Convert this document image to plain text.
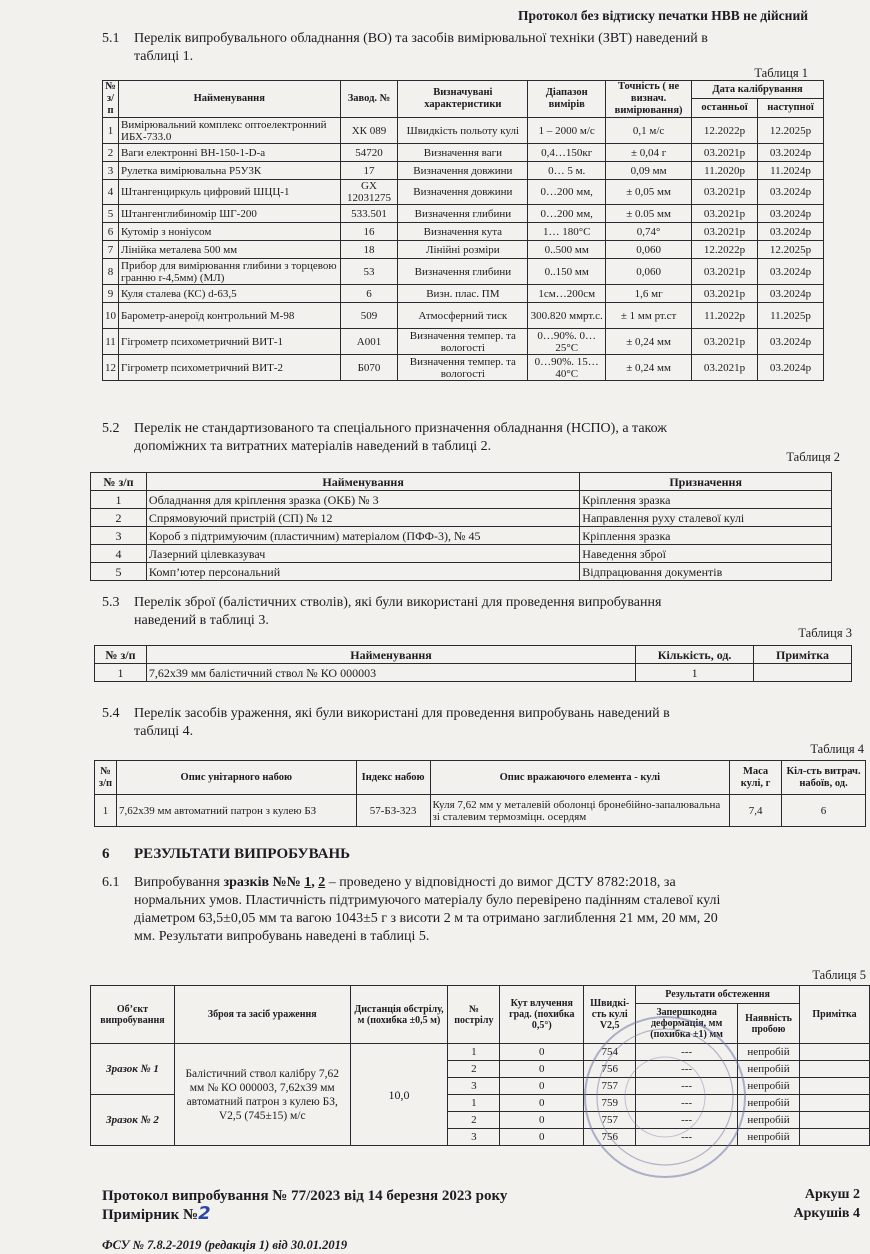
Протокол без відтиску печатки НВВ не дійсний
5.1 Перелік випробувального обладнання (ВО) та засобів вимірювальної техніки (ЗВТ) наведений в
таблиці 1.
Таблиця 1
№ з/п	Найменування	Завод. №	Визначувані характеристики	Діапазон вимірів	Точність ( не визнач. вимірювання)	Дата калібрування	
						останньої	наступної
1	Вимірювальний комплекс оптоелектронний ИБХ-733.0	ХК 089	Швидкість польоту кулі	1 – 2000 м/с	0,1 м/с	12.2022р	12.2025р
2	Ваги електронні ВН-150-1-D-а	54720	Визначення ваги	0,4…150кг	± 0,04 г	03.2021р	03.2024р
3	Рулетка вимірювальна Р5У3К	17	Визначення довжини	0… 5 м.	0,09 мм	11.2020р	11.2024р
4	Штангенциркуль цифровий ШЦЦ-1	GX 12031275	Визначення довжини	0…200 мм,	± 0,05 мм	03.2021р	03.2024р
5	Штангенглибиномір ШГ-200	533.501	Визначення глибини	0…200 мм,	± 0.05 мм	03.2021р	03.2024р
6	Кутомір з ноніусом	16	Визначення кута	1… 180°С	0,74°	03.2021р	03.2024р
7	Лінійка металева 500 мм	18	Лінійні розміри	0..500 мм	0,060	12.2022р	12.2025р
8	Прибор для вимірювання глибини з торцевою гранню r-4,5мм) (МЛ)	53	Визначення глибини	0..150 мм	0,060	03.2021р	03.2024р
9	Куля сталева (КС) d-63,5	6	Визн. плас. ПМ	1см…200см	1,6 мг	03.2021р	03.2024р
10	Барометр-анероїд контрольний М-98	509	Атмосферний тиск	300.820 ммрт.с.	± 1 мм рт.ст	11.2022р	11.2025р
11	Гігрометр психометричний ВИТ-1	А001	Визначення темпер. та вологості	0…90%. 0…25°С	± 0,24 мм	03.2021р	03.2024р
12	Гігрометр психометричний ВИТ-2	Б070	Визначення темпер. та вологості	0…90%. 15…40°С	± 0,24 мм	03.2021р	03.2024р
5.2 Перелік не стандартизованого та спеціального призначення обладнання (НСПО), а також
допоміжних та витратних матеріалів наведений в таблиці 2.
Таблиця 2
№ з/п	Найменування	Призначення
1	Обладнання для кріплення зразка (ОКБ) № 3	Кріплення зразка
2	Спрямовуючий пристрій (СП) № 12	Направлення руху сталевої кулі
3	Короб з підтримуючим (пластичним) матеріалом (ПФФ-3), № 45	Кріплення зразка
4	Лазерний цілевказувач	Наведення зброї
5	Комп’ютер персональний	Відпрацювання документів
5.3 Перелік зброї (балістичних стволів), які були використані для проведення випробування
наведений в таблиці 3.
Таблиця 3
№ з/п	Найменування	Кількість, од.	Примітка
1	7,62х39 мм балістичний ствол № КО 000003	1	
5.4 Перелік засобів ураження, які були використані для проведення випробувань наведений в
таблиці 4.
Таблиця 4
№ з/п	Опис унітарного набою	Індекс набою	Опис вражаючого елемента - кулі	Маса кулі, г	Кіл-сть витрач. набоїв, од.
1	7,62х39 мм автоматний патрон з кулею БЗ	57-БЗ-323	Куля 7,62 мм у металевій оболонці бронебійно-запалювальна зі сталевим термозміцн. осердям	7,4	6
6 РЕЗУЛЬТАТИ ВИПРОБУВАНЬ
6.1 Випробування зразків №№ 1, 2 – проведено у відповідності до вимог ДСТУ 8782:2018, за
нормальних умов. Пластичність підтримуючого матеріалу було перевірено падінням сталевої кулі
діаметром 63,5±0,05 мм та вагою 1043±5 г з висоти 2 м та отримано заглиблення 21 мм, 20 мм, 20
мм. Результати випробувань наведені в таблиці 5.
Таблиця 5
Об’єкт випробування	Зброя та засіб ураження	Дистанція обстрілу, м (похибка ±0,5 м)	№ пострілу	Кут влучення град. (похибка 0,5°)	Швидкі-сть кулі V2,5	Результати обстеження		Примітка
						Запершкодна деформація, мм (похибка ±1) мм	Наявність пробою	
Зразок № 1	Балістичний ствол калібру 7,62 мм № КО 000003, 7,62х39 мм автоматний патрон з кулею БЗ, V2,5 (745±15) м/с	10,0	1	0	754	---	непробій	
			2	0	756	---	непробій	
			3	0	757	---	непробій	
Зразок № 2			1	0	759	---	непробій	
			2	0	757	---	непробій	
			3	0	756	---	непробій	
Протокол випробування № 77/2023 від 14 березня 2023 року
Примірник №2
Аркуш 2
Аркушів 4
ФСУ № 7.8.2-2019 (редакція 1) від 30.01.2019
